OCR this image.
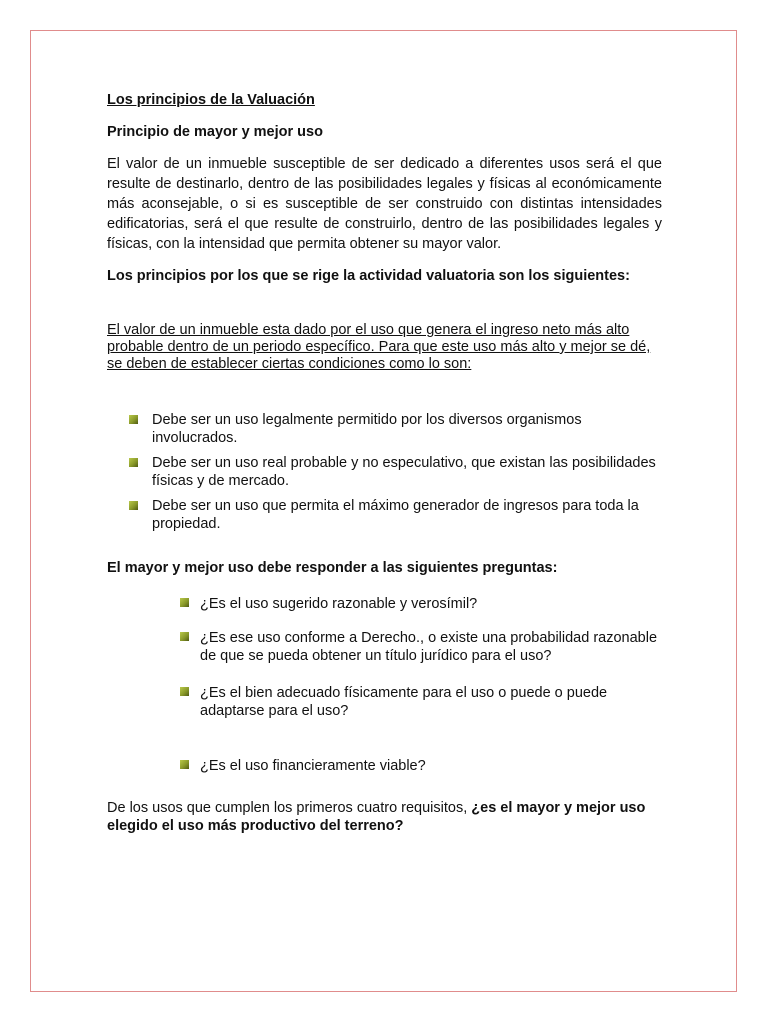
Los principios de la Valuación

Principio de mayor y mejor uso

El valor de un inmueble susceptible de ser dedicado a diferentes usos será el que resulte de destinarlo, dentro de las posibilidades legales y físicas al económicamente más aconsejable, o si es susceptible de ser construido con distintas intensidades edificatorias, será el que resulte de construirlo, dentro de las posibilidades legales y físicas, con la intensidad que permita obtener su mayor valor.

Los principios por los que se rige la actividad valuatoria son los siguientes:

El valor de un inmueble esta dado por el uso que genera el ingreso neto más alto probable dentro de un periodo específico. Para que este uso más alto y mejor se dé, se deben de establecer ciertas condiciones como lo son:

Debe ser un uso legalmente permitido por los diversos organismos involucrados.
Debe ser un uso real probable y no especulativo, que existan las posibilidades físicas y de mercado.
Debe ser un uso que permita el máximo generador de ingresos para toda la propiedad.

El mayor y mejor uso debe responder a las siguientes preguntas:

¿Es el uso sugerido razonable y verosímil?
¿Es ese uso conforme a Derecho., o existe una probabilidad razonable de que se pueda obtener un título jurídico para el uso?
¿Es el bien adecuado físicamente para el uso o puede o puede adaptarse para el uso?
¿Es el uso financieramente viable?

De los usos que cumplen los primeros cuatro requisitos, ¿es el mayor y mejor uso elegido el uso más productivo del terreno?
